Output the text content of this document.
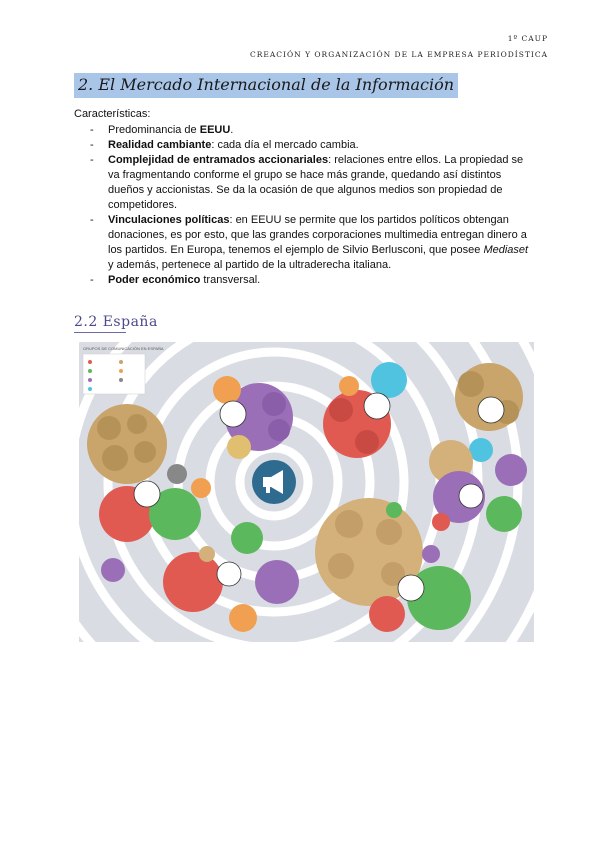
1º CAUP
CREACIÓN Y ORGANIZACIÓN DE LA EMPRESA PERIODÍSTICA
2. El Mercado Internacional de la Información
Características:
- Predominancia de EEUU.
- Realidad cambiante: cada día el mercado cambia.
- Complejidad de entramados accionariales: relaciones entre ellos. La propiedad se va fragmentando conforme el grupo se hace más grande, quedando así distintos dueños y accionistas. Se da la ocasión de que algunos medios son propiedad de competidores.
- Vinculaciones políticas: en EEUU se permite que los partidos políticos obtengan donaciones, es por esto, que las grandes corporaciones multimedia entregan dinero a los partidos. En Europa, tenemos el ejemplo de Silvio Berlusconi, que posee Mediaset y además, pertenece al partido de la ultraderecha italiana.
- Poder económico transversal.
2.2 España
GRUPOS DE COMUNICACIÓN EN ESPAÑA
